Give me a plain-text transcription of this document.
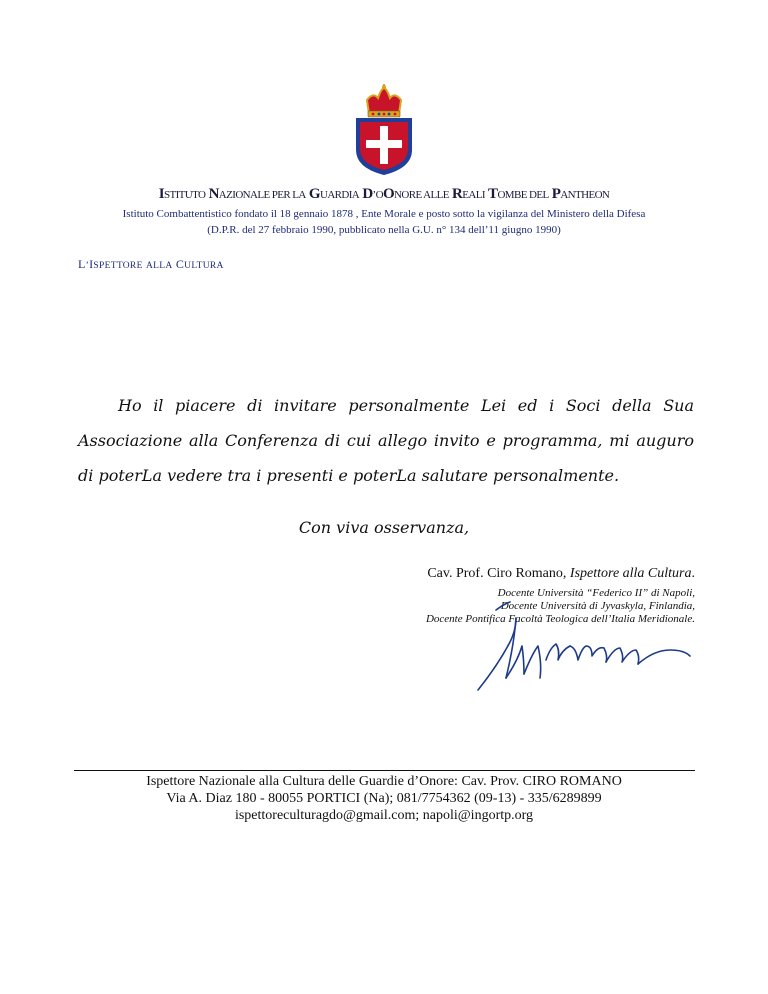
ISTITUTO NAZIONALE PER LA GUARDIA D’OONORE ALLE REALI TOMBE DEL PANTHEON
Istituto Combattentistico fondato il 18 gennaio 1878 , Ente Morale e posto sotto la vigilanza del Ministero della Difesa
(D.P.R. del 27 febbraio 1990, pubblicato nella G.U. n° 134 dell’11 giugno 1990)
L’ISPETTORE ALLA CULTURA
Ho il piacere di invitare personalmente Lei ed i Soci della Sua Associazione alla Conferenza di cui allego invito e programma, mi auguro di poterLa vedere tra i presenti e poterLa salutare personalmente.
Con viva osservanza,
Cav. Prof. Ciro Romano, Ispettore alla Cultura.
Docente Università “Federico II” di Napoli,
Docente Università di Jyvaskyla, Finlandia,
Docente Pontifica Facoltà Teologica dell’Italia Meridionale.
Ispettore Nazionale alla Cultura delle Guardie d’Onore: Cav. Prov. CIRO ROMANO
Via A. Diaz 180 - 80055 PORTICI (Na); 081/7754362 (09-13) - 335/6289899
ispettoreculturagdo@gmail.com; napoli@ingortp.org
